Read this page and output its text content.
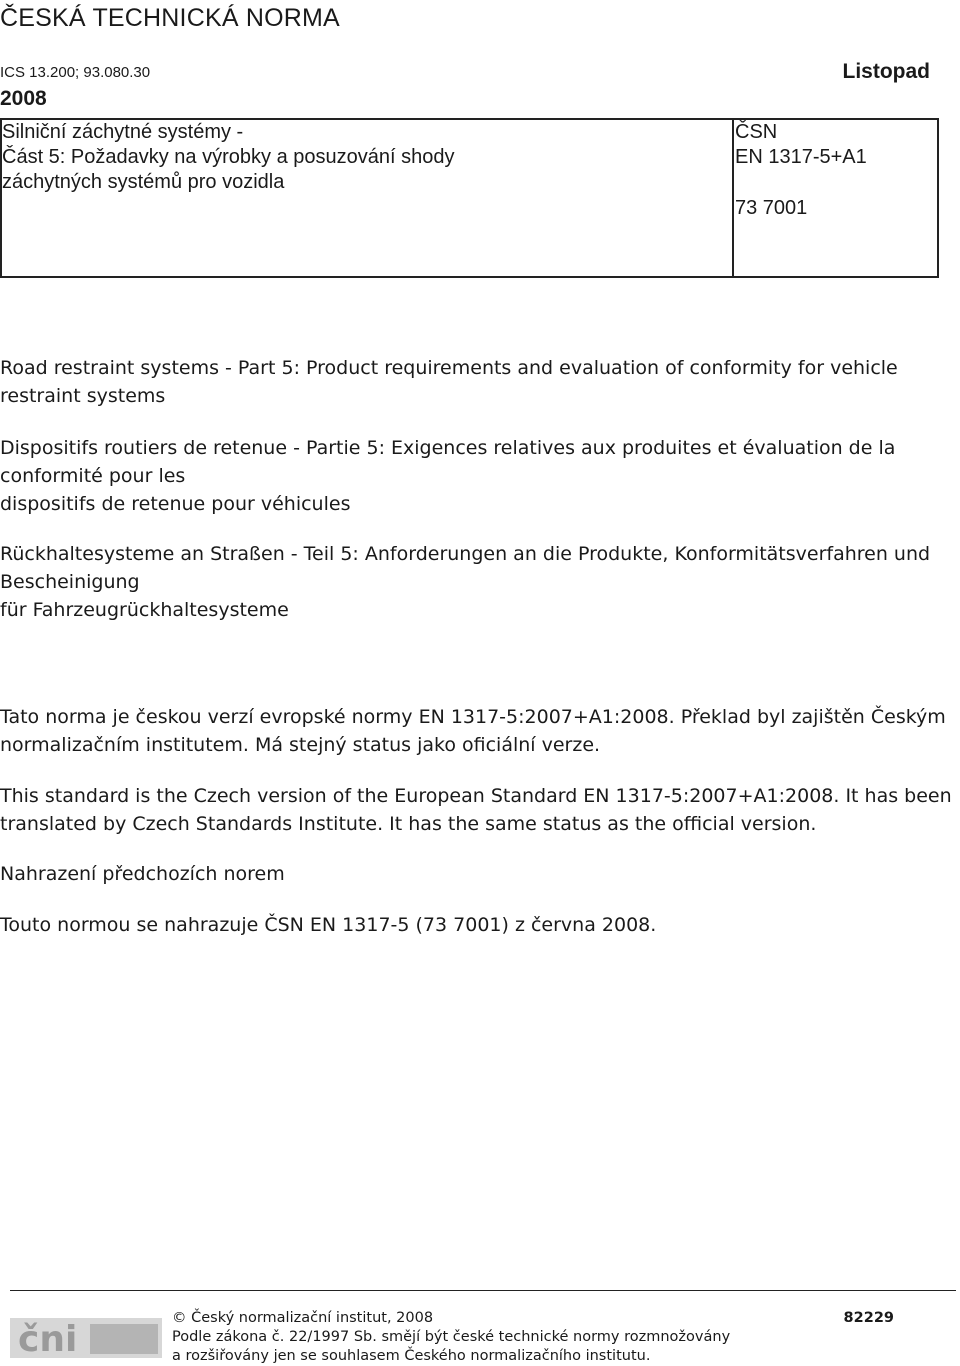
ČESKÁ TECHNICKÁ NORMA
ICS 13.200; 93.080.30	Listopad
2008
Silniční záchytné systémy -
Část 5: Požadavky na výrobky a posuzování shody
záchytných systémů pro vozidla
ČSN
EN 1317-5+A1
73 7001
Road restraint systems - Part 5: Product requirements and evaluation of conformity for vehicle
restraint systems
Dispositifs routiers de retenue - Partie 5: Exigences relatives aux produites et évaluation de la
conformité pour les
dispositifs de retenue pour véhicules
Rückhaltesysteme an Straßen - Teil 5: Anforderungen an die Produkte, Konformitätsverfahren und
Bescheinigung
für Fahrzeugrückhaltesysteme
Tato norma je českou verzí evropské normy EN 1317-5:2007+A1:2008. Překlad byl zajištěn Českým
normalizačním institutem. Má stejný status jako oficiální verze.
This standard is the Czech version of the European Standard EN 1317-5:2007+A1:2008. It has been
translated by Czech Standards Institute. It has the same status as the official version.
Nahrazení předchozích norem
Touto normou se nahrazuje ČSN EN 1317-5 (73 7001) z června 2008.
čni
© Český normalizační institut, 2008	82229
Podle zákona č. 22/1997 Sb. smějí být české technické normy rozmnožovány
a rozšiřovány jen se souhlasem Českého normalizačního institutu.
